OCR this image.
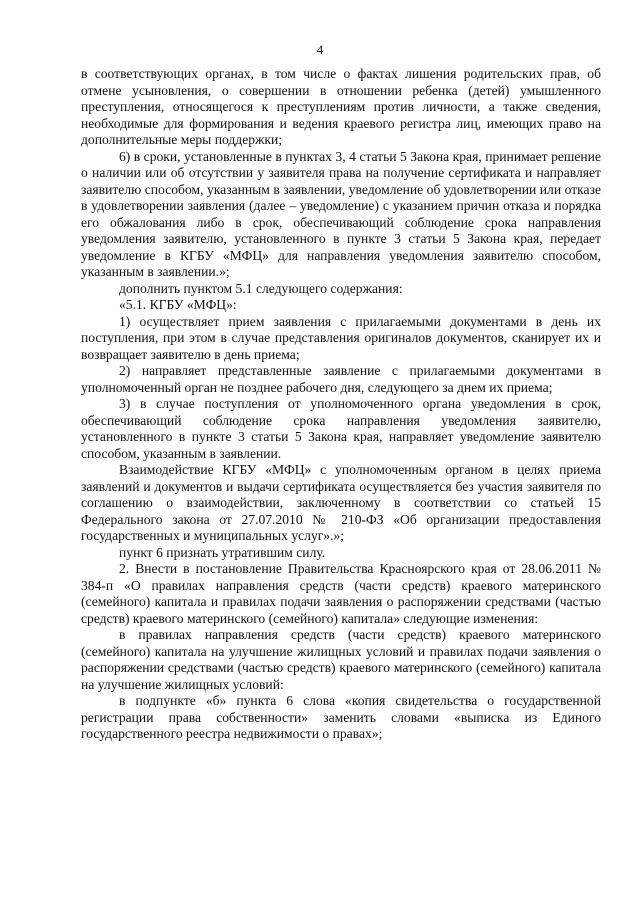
4

в соответствующих органах, в том числе о фактах лишения родительских прав, об отмене усыновления, о совершении в отношении ребенка (детей) умышленного преступления, относящегося к преступлениям против личности, а также сведения, необходимые для формирования и ведения краевого регистра лиц, имеющих право на дополнительные меры поддержки;

6) в сроки, установленные в пунктах 3, 4 статьи 5 Закона края, принимает решение о наличии или об отсутствии у заявителя права на получение сертификата и направляет заявителю способом, указанным в заявлении, уведомление об удовлетворении или отказе в удовлетворении заявления (далее – уведомление) с указанием причин отказа и порядка его обжалования либо в срок, обеспечивающий соблюдение срока направления уведомления заявителю, установленного в пункте 3 статьи 5 Закона края, передает уведомление в КГБУ «МФЦ» для направления уведомления заявителю способом, указанным в заявлении.»;

дополнить пунктом 5.1 следующего содержания:

«5.1. КГБУ «МФЦ»:

1) осуществляет прием заявления с прилагаемыми документами в день их поступления, при этом в случае представления оригиналов документов, сканирует их и возвращает заявителю в день приема;

2) направляет представленные заявление с прилагаемыми документами в уполномоченный орган не позднее рабочего дня, следующего за днем их приема;

3) в случае поступления от уполномоченного органа уведомления в срок, обеспечивающий соблюдение срока направления уведомления заявителю, установленного в пункте 3 статьи 5 Закона края, направляет уведомление заявителю способом, указанным в заявлении.

Взаимодействие КГБУ «МФЦ» с уполномоченным органом в целях приема заявлений и документов и выдачи сертификата осуществляется без участия заявителя по соглашению о взаимодействии, заключенному в соответствии со статьей 15 Федерального закона от 27.07.2010 № 210-ФЗ «Об организации предоставления государственных и муниципальных услуг».»;

пункт 6 признать утратившим силу.

2. Внести в постановление Правительства Красноярского края от 28.06.2011 № 384-п «О правилах направления средств (части средств) краевого материнского (семейного) капитала и правилах подачи заявления о распоряжении средствами (частью средств) краевого материнского (семейного) капитала» следующие изменения:

в правилах направления средств (части средств) краевого материнского (семейного) капитала на улучшение жилищных условий и правилах подачи заявления о распоряжении средствами (частью средств) краевого материнского (семейного) капитала на улучшение жилищных условий:

в подпункте «б» пункта 6 слова «копия свидетельства о государственной регистрации права собственности» заменить словами «выписка из Единого государственного реестра недвижимости о правах»;
